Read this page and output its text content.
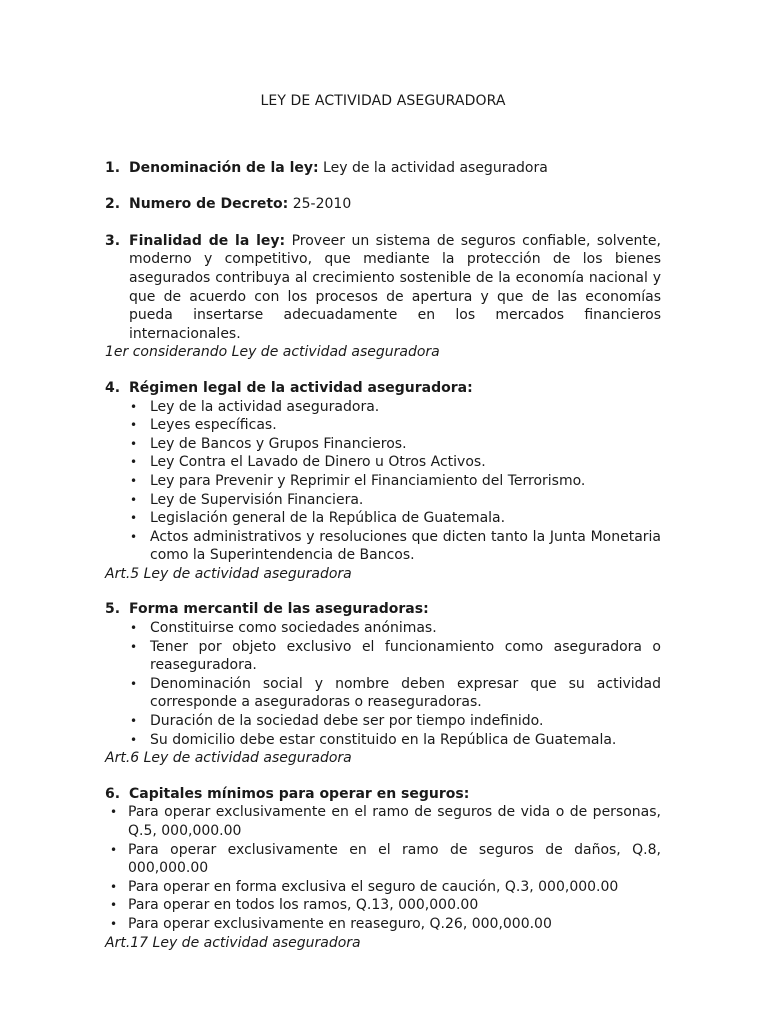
LEY DE ACTIVIDAD ASEGURADORA
1. Denominación de la ley: Ley de la actividad aseguradora

2. Numero de Decreto: 25-2010

3. Finalidad de la ley: Proveer un sistema de seguros confiable, solvente, moderno y competitivo, que mediante la protección de los bienes asegurados contribuya al crecimiento sostenible de la economía nacional y que de acuerdo con los procesos de apertura y que de las economías pueda insertarse adecuadamente en los mercados financieros internacionales.

1er considerando Ley de actividad aseguradora

4. Régimen legal de la actividad aseguradora:

• Ley de la actividad aseguradora.
• Leyes específicas.
• Ley de Bancos y Grupos Financieros.
• Ley Contra el Lavado de Dinero u Otros Activos.
• Ley para Prevenir y Reprimir el Financiamiento del Terrorismo.
• Ley de Supervisión Financiera.
• Legislación general de la República de Guatemala.
• Actos administrativos y resoluciones que dicten tanto la Junta Monetaria como la Superintendencia de Bancos.

Art.5 Ley de actividad aseguradora

5. Forma mercantil de las aseguradoras:

• Constituirse como sociedades anónimas.
• Tener por objeto exclusivo el funcionamiento como aseguradora o reaseguradora.
• Denominación social y nombre deben expresar que su actividad corresponde a aseguradoras o reaseguradoras.
• Duración de la sociedad debe ser por tiempo indefinido.
• Su domicilio debe estar constituido en la República de Guatemala.

Art.6 Ley de actividad aseguradora

6. Capitales mínimos para operar en seguros:

• Para operar exclusivamente en el ramo de seguros de vida o de personas, Q.5, 000,000.00
• Para operar exclusivamente en el ramo de seguros de daños, Q.8, 000,000.00
• Para operar en forma exclusiva el seguro de caución, Q.3, 000,000.00
• Para operar en todos los ramos, Q.13, 000,000.00
• Para operar exclusivamente en reaseguro, Q.26, 000,000.00

Art.17 Ley de actividad aseguradora
